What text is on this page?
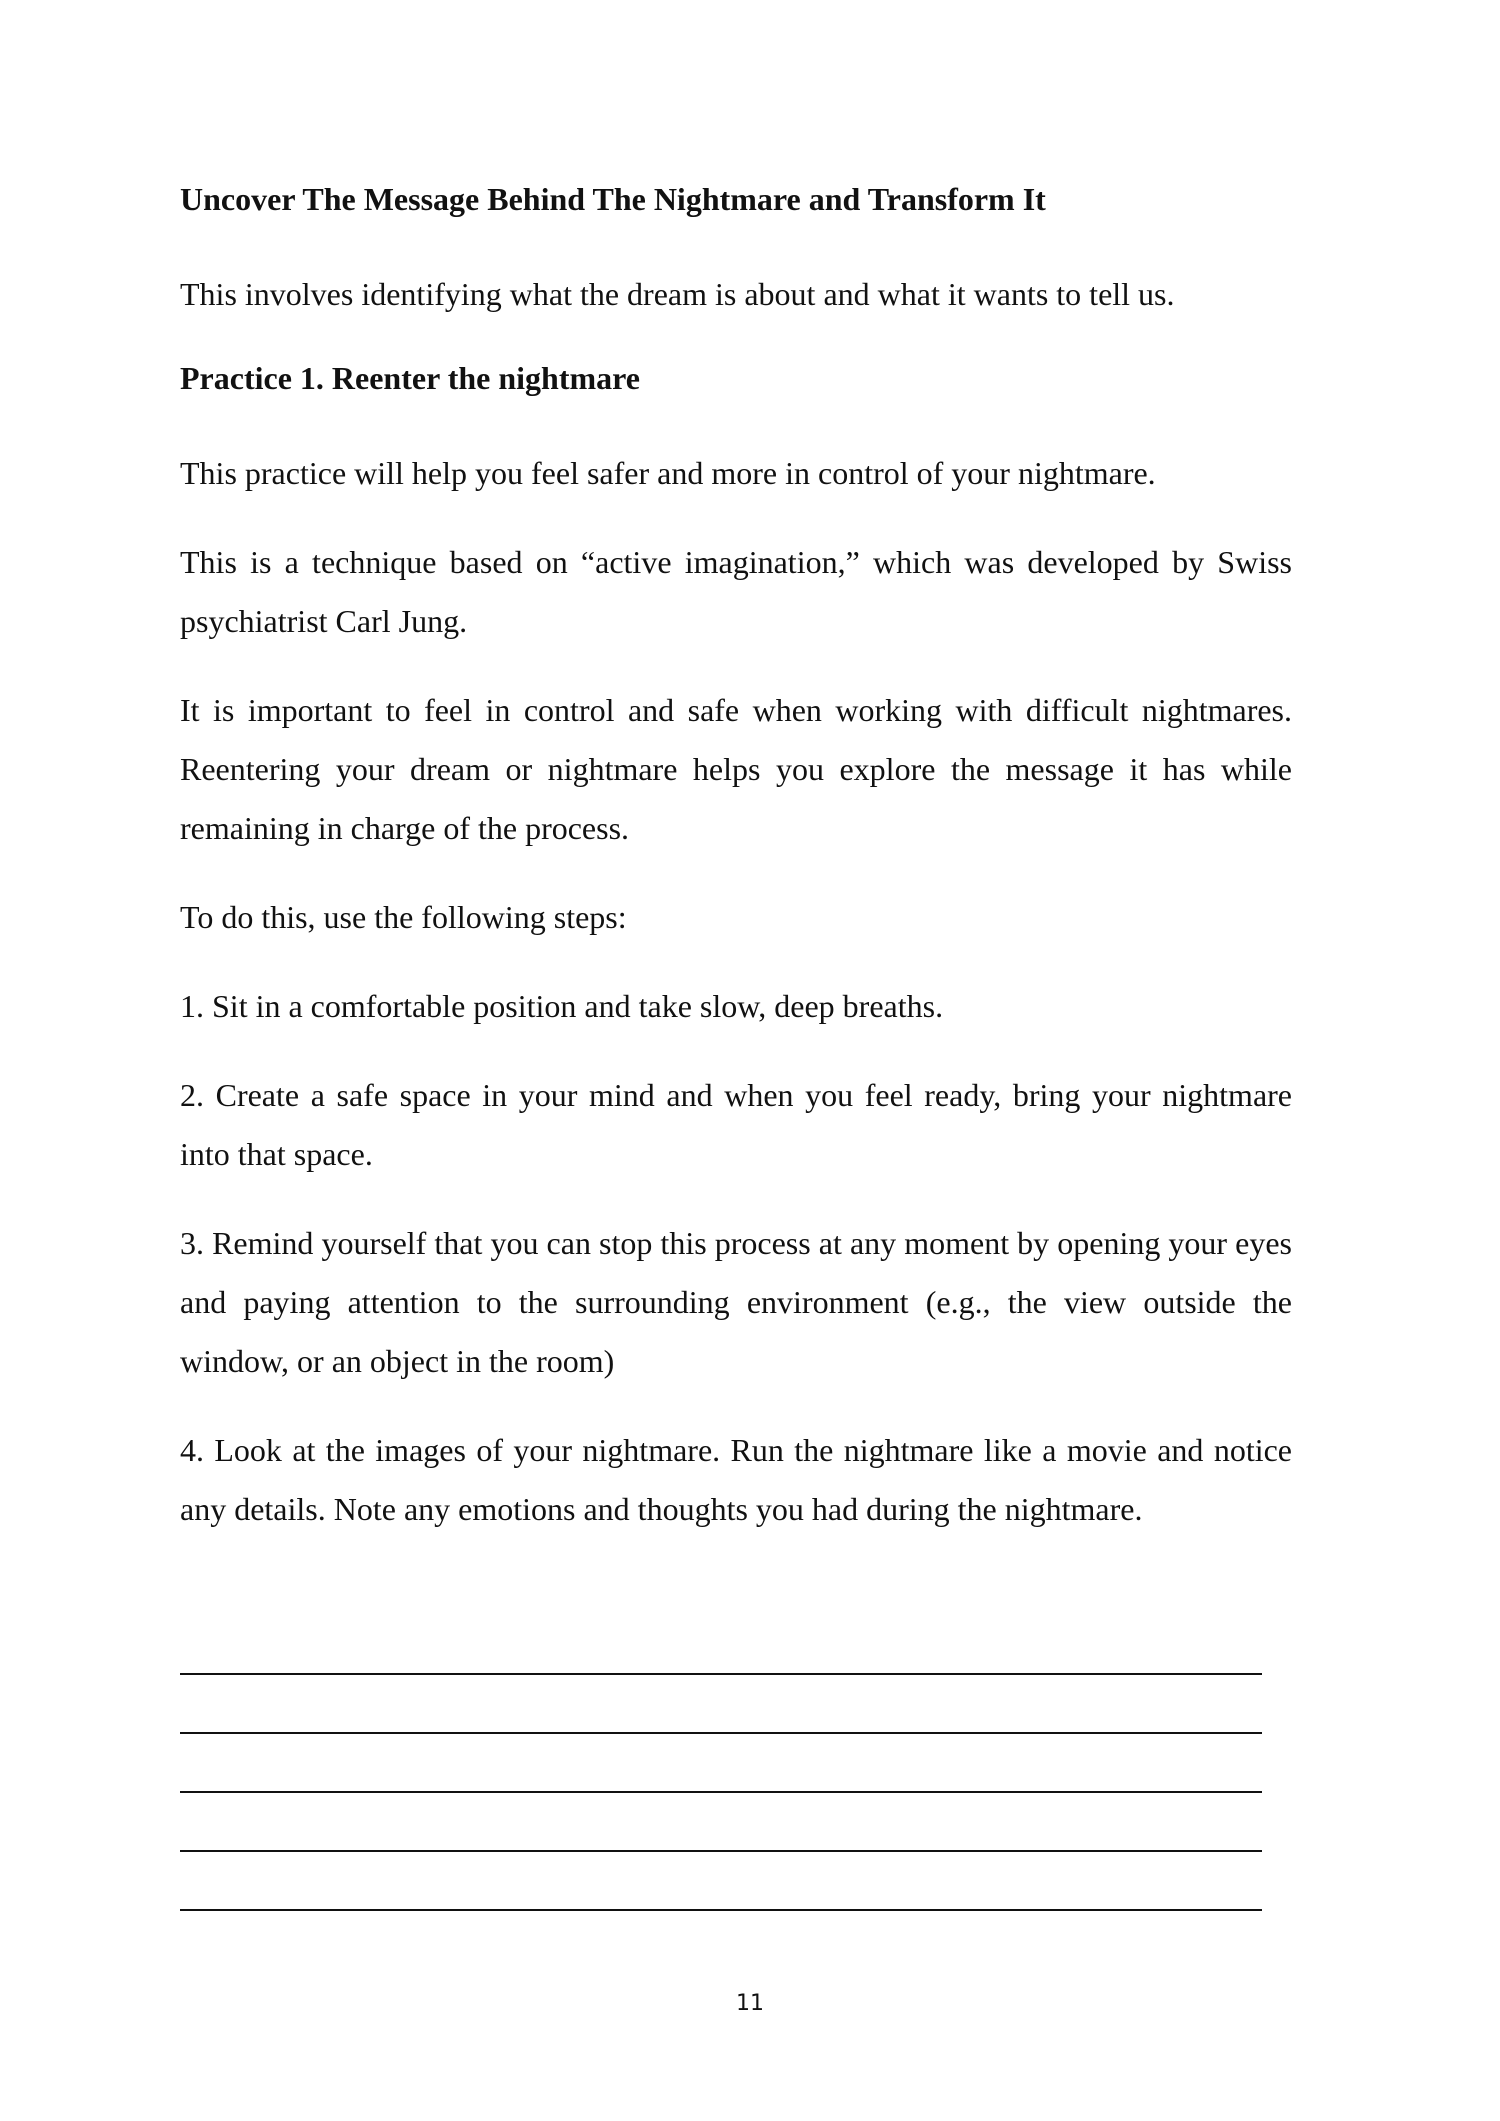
Uncover The Message Behind The Nightmare and Transform It
This involves identifying what the dream is about and what it wants to tell us.
Practice 1. Reenter the nightmare
This practice will help you feel safer and more in control of your nightmare.
This is a technique based on “active imagination,” which was developed by Swiss psychiatrist Carl Jung.
It is important to feel in control and safe when working with difficult nightmares. Reentering your dream or nightmare helps you explore the message it has while remaining in charge of the process.
To do this, use the following steps:
1. Sit in a comfortable position and take slow, deep breaths.
2. Create a safe space in your mind and when you feel ready, bring your nightmare into that space.
3. Remind yourself that you can stop this process at any moment by opening your eyes and paying attention to the surrounding environment (e.g., the view outside the window, or an object in the room)
4. Look at the images of your nightmare. Run the nightmare like a movie and notice any details. Note any emotions and thoughts you had during the nightmare.
11
